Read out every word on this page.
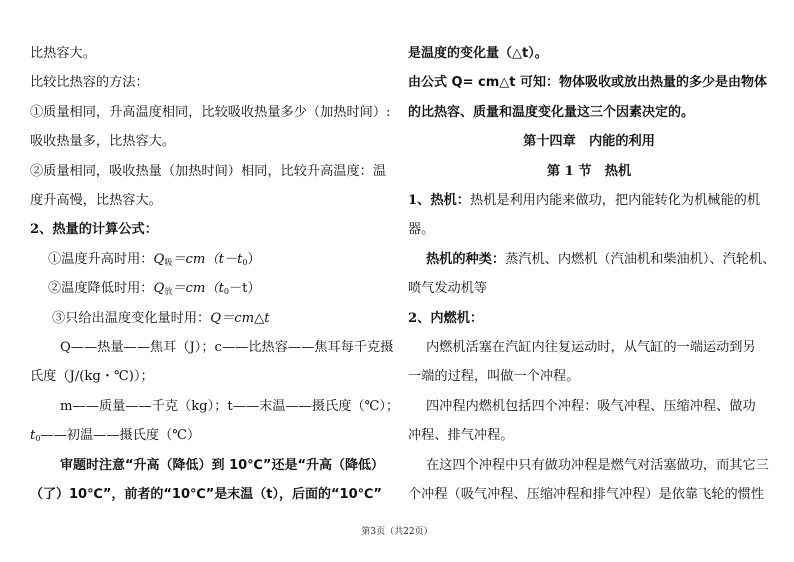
比热容大。
比较比热容的方法：
①质量相同，升高温度相同，比较吸收热量多少（加热时间）:
吸收热量多，比热容大。
②质量相同，吸收热量（加热时间）相同，比较升高温度：温
度升高慢，比热容大。
2、热量的计算公式：
①温度升高时用：$Q_吸=cm(t-t_0)$
②温度降低时用：$Q_放=cm(t_0-t)$
③只给出温度变化量时用：Q＝cm△t
Q——热量——焦耳（J）；c——比热容——焦耳每千克摄
氏度（J/(kg・℃)）；
m——质量——千克（kg）；t——末温——摄氏度（℃）；
$t_0——$初温——摄氏度（℃）
审题时注意“升高（降低）到 10℃”还是“升高（降低）
（了）10℃”，前者的“10℃”是末温（t），后面的“10℃”
是温度的变化量（△t）。
由公式 Q= cm△t 可知：物体吸收或放出热量的多少是由物体
的比热容、质量和温度变化量这三个因素决定的。
第十四章　内能的利用
第 1 节　热机
1、热机：热机是利用内能来做功，把内能转化为机械能的机
器。
热机的种类：蒸汽机、内燃机（汽油机和柴油机）、汽轮机、
喷气发动机等
2、内燃机：
内燃机活塞在汽缸内往复运动时，从气缸的一端运动到另
一端的过程，叫做一个冲程。
四冲程内燃机包括四个冲程：吸气冲程、压缩冲程、做功
冲程、排气冲程。
在这四个冲程中只有做功冲程是燃气对活塞做功，而其它三
个冲程（吸气冲程、压缩冲程和排气冲程）是依靠飞轮的惯性
第3页（共22页）
